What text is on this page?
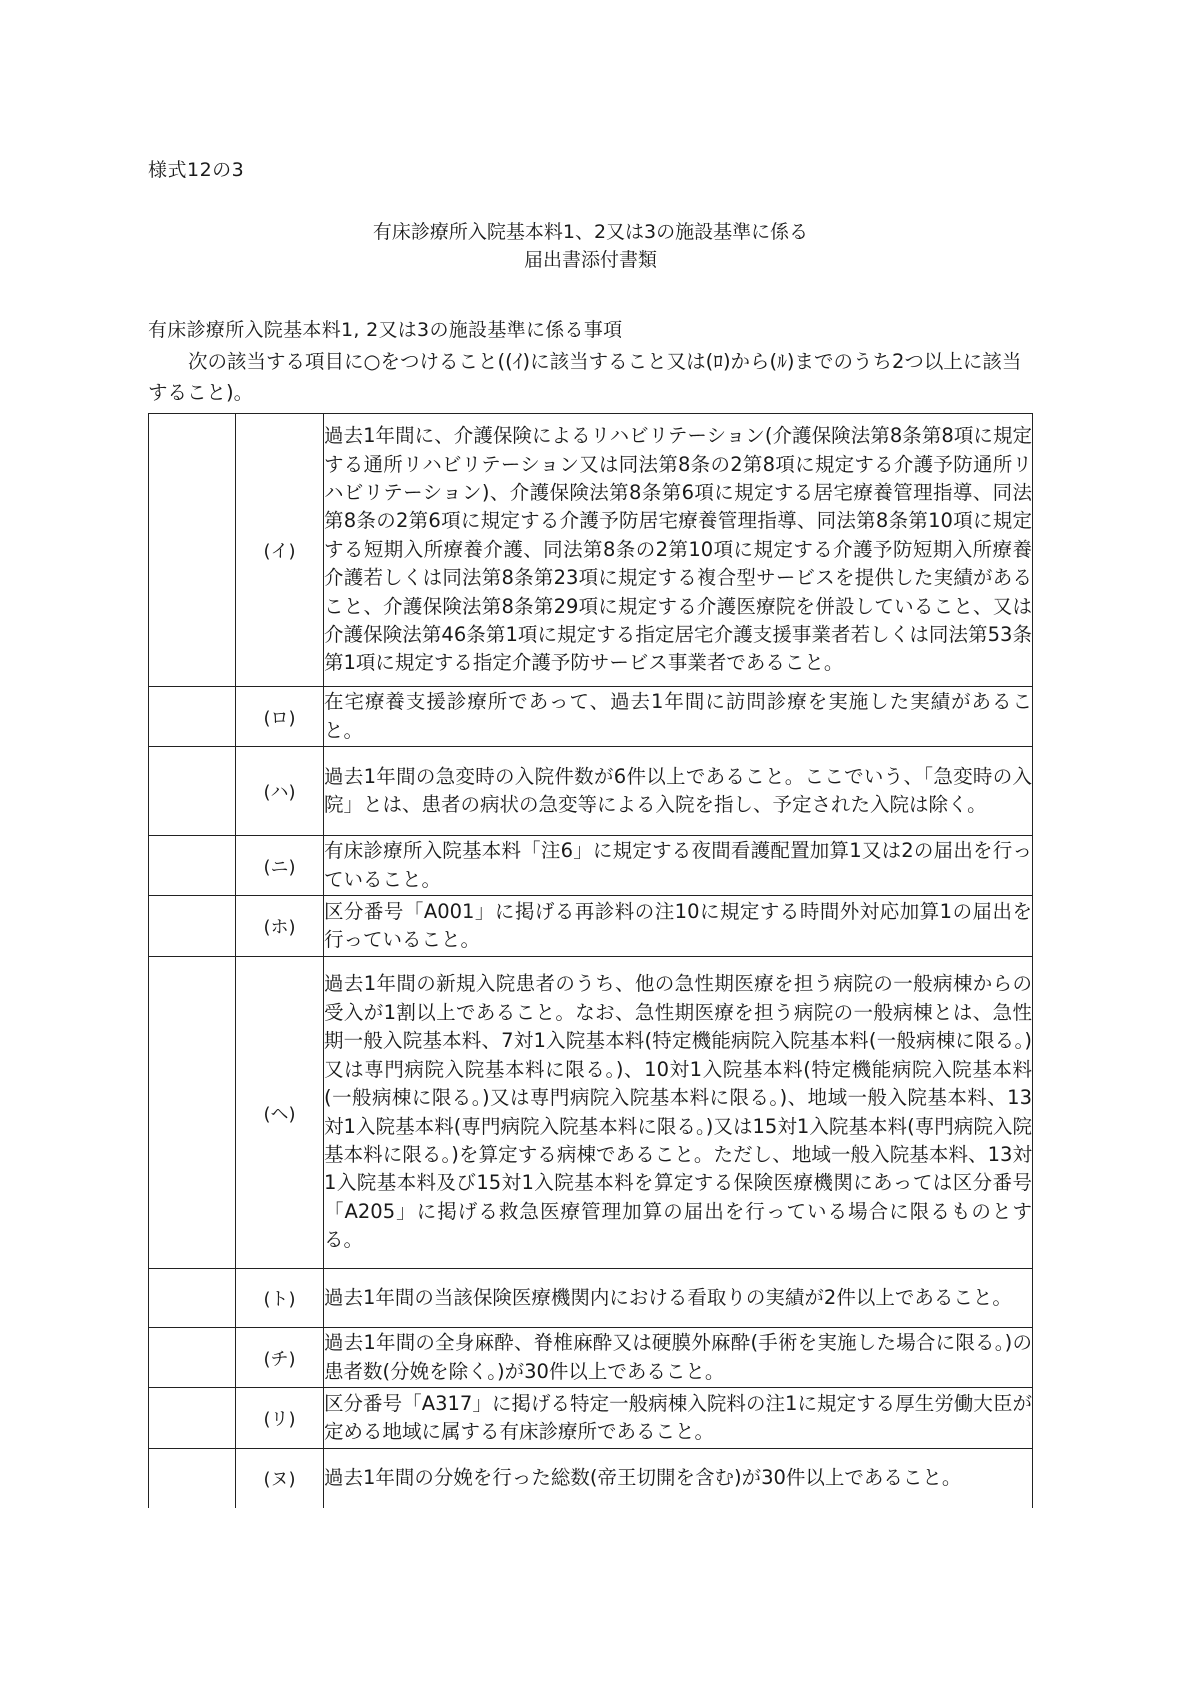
様式12の3
有床診療所入院基本料1、2又は3の施設基準に係る
届出書添付書類
有床診療所入院基本料1, 2又は3の施設基準に係る事項
次の該当する項目に○をつけること((ｲ)に該当すること又は(ﾛ)から(ﾙ)までのうち2つ以上に該当すること)。
	(イ)	過去1年間に、介護保険によるリハビリテーション(介護保険法第8条第8項に規定する通所リハビリテーション又は同法第8条の2第8項に規定する介護予防通所リハビリテーション)、介護保険法第8条第6項に規定する居宅療養管理指導、同法第8条の2第6項に規定する介護予防居宅療養管理指導、同法第8条第10項に規定する短期入所療養介護、同法第8条の2第10項に規定する介護予防短期入所療養介護若しくは同法第8条第23項に規定する複合型サービスを提供した実績があること、介護保険法第8条第29項に規定する介護医療院を併設していること、又は介護保険法第46条第1項に規定する指定居宅介護支援事業者若しくは同法第53条第1項に規定する指定介護予防サービス事業者であること。
	(ロ)	在宅療養支援診療所であって、過去1年間に訪問診療を実施した実績があること。
	(ハ)	過去1年間の急変時の入院件数が6件以上であること。ここでいう、「急変時の入院」とは、患者の病状の急変等による入院を指し、予定された入院は除く。
	(ニ)	有床診療所入院基本料「注6」に規定する夜間看護配置加算1又は2の届出を行っていること。
	(ホ)	区分番号「A001」に掲げる再診料の注10に規定する時間外対応加算1の届出を行っていること。
	(ヘ)	過去1年間の新規入院患者のうち、他の急性期医療を担う病院の一般病棟からの受入が1割以上であること。なお、急性期医療を担う病院の一般病棟とは、急性期一般入院基本料、7対1入院基本料(特定機能病院入院基本料(一般病棟に限る。)又は専門病院入院基本料に限る。)、10対1入院基本料(特定機能病院入院基本料(一般病棟に限る。)又は専門病院入院基本料に限る。)、地域一般入院基本料、13対1入院基本料(専門病院入院基本料に限る。)又は15対1入院基本料(専門病院入院基本料に限る。)を算定する病棟であること。ただし、地域一般入院基本料、13対1入院基本料及び15対1入院基本料を算定する保険医療機関にあっては区分番号「A205」に掲げる救急医療管理加算の届出を行っている場合に限るものとする。
	(ト)	過去1年間の当該保険医療機関内における看取りの実績が2件以上であること。
	(チ)	過去1年間の全身麻酔、脊椎麻酔又は硬膜外麻酔(手術を実施した場合に限る。)の患者数(分娩を除く。)が30件以上であること。
	(リ)	区分番号「A317」に掲げる特定一般病棟入院料の注1に規定する厚生労働大臣が定める地域に属する有床診療所であること。
	(ヌ)	過去1年間の分娩を行った総数(帝王切開を含む)が30件以上であること。
